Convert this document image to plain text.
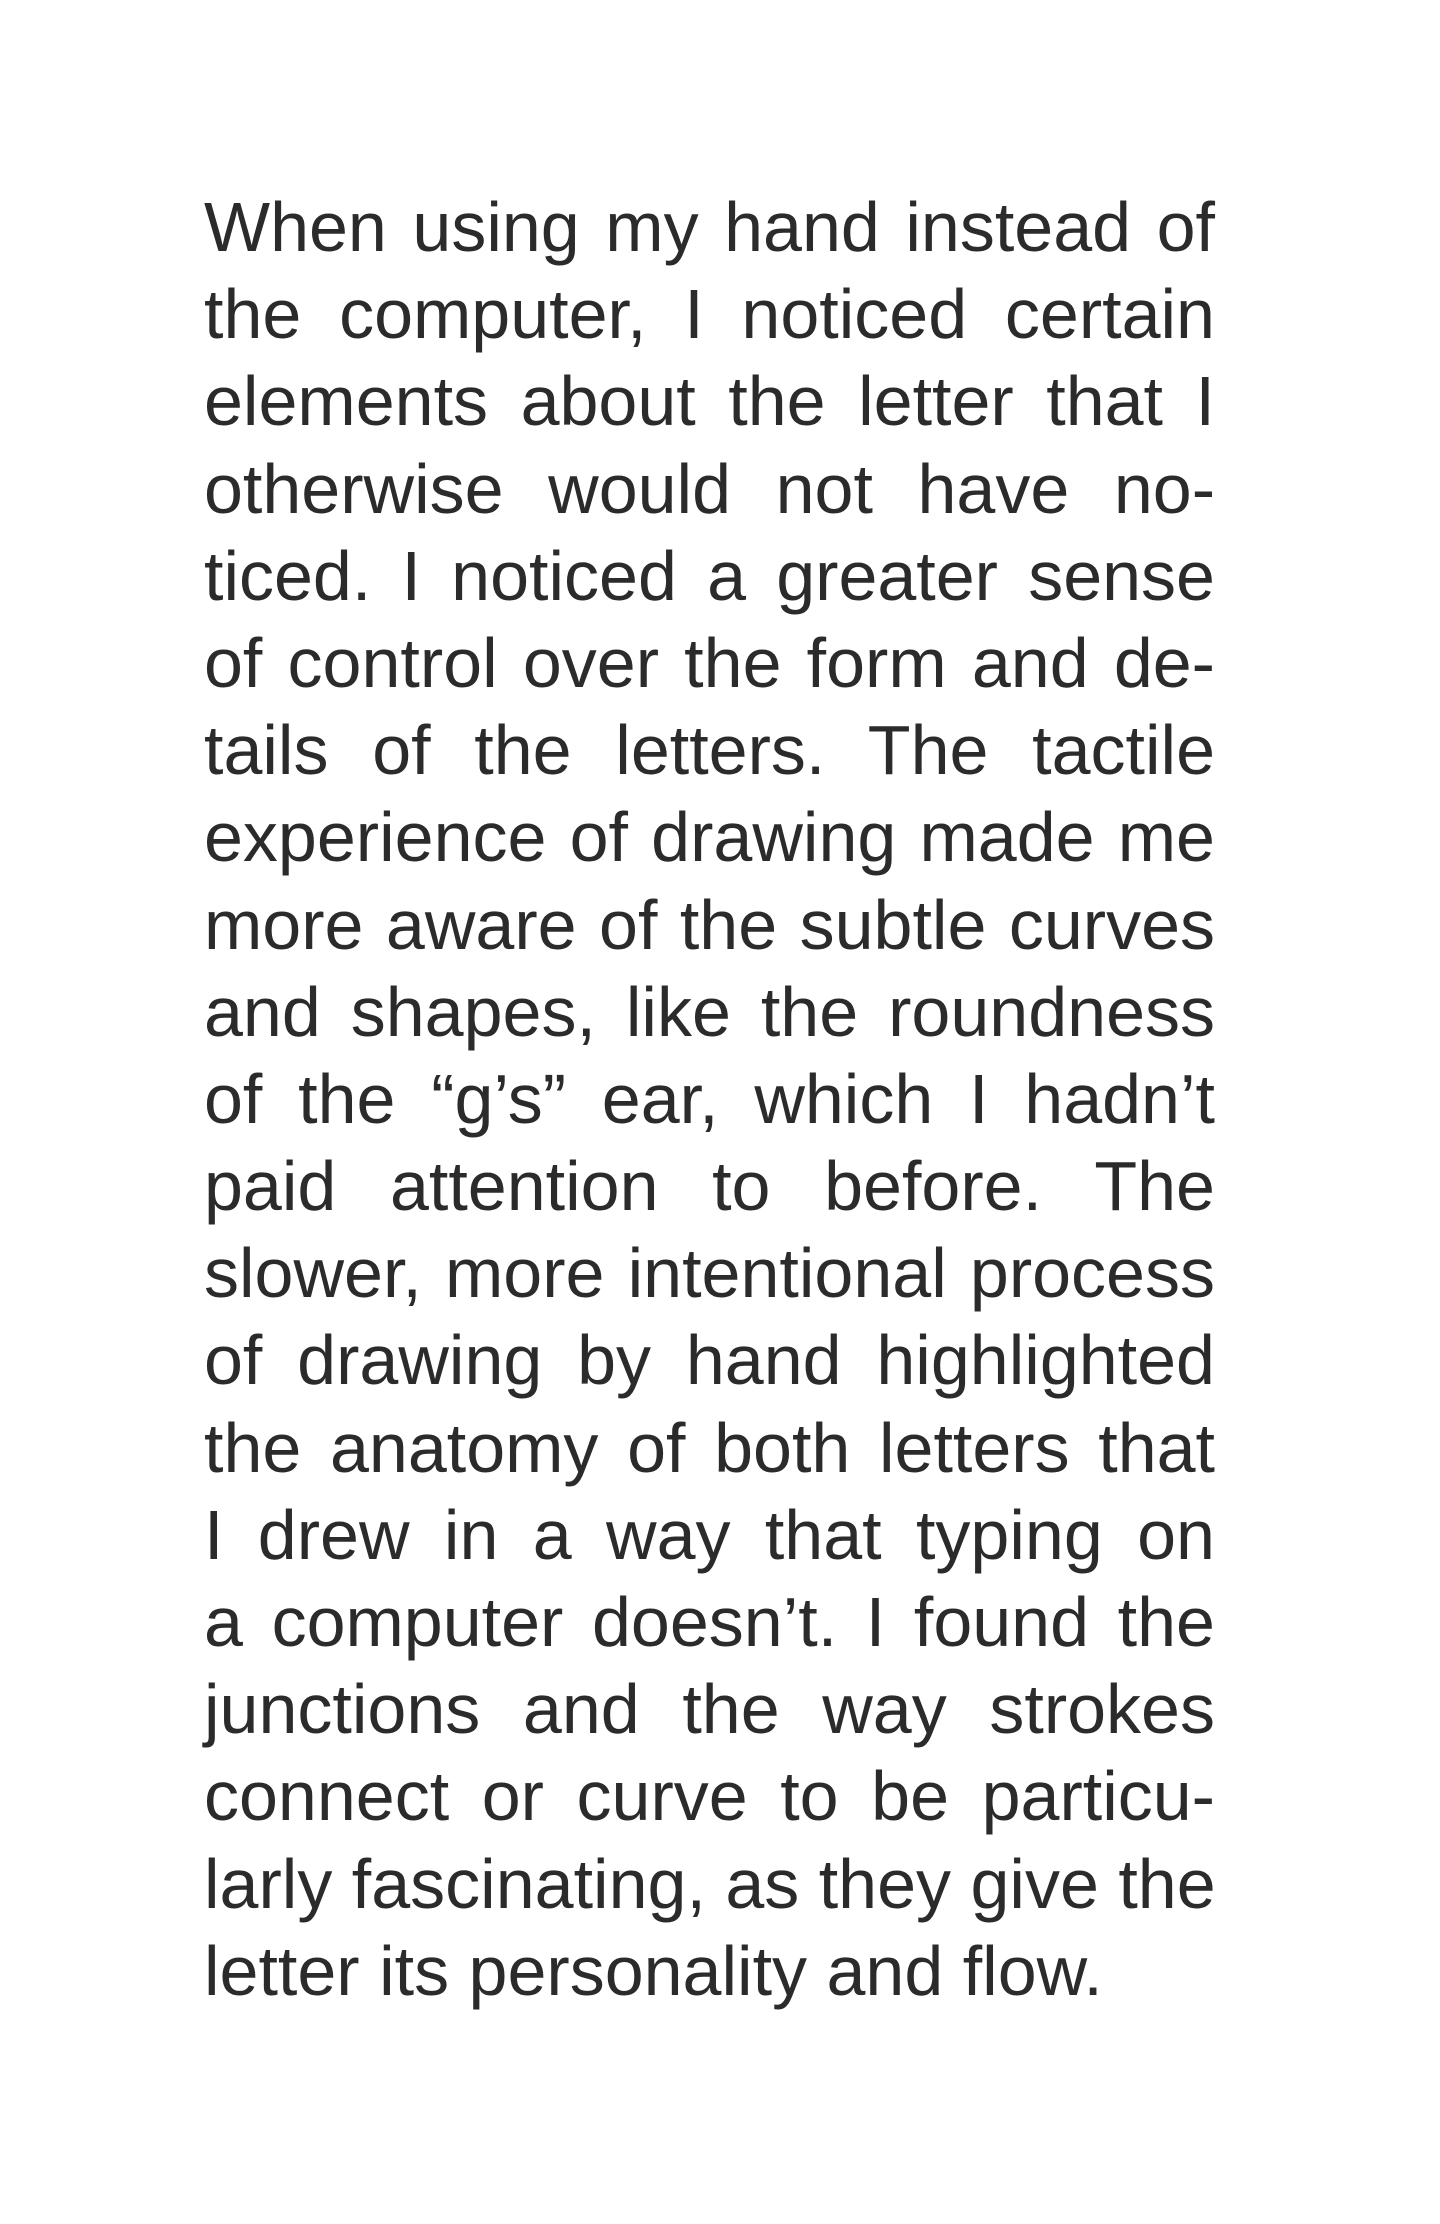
When using my hand instead of
the computer, I noticed certain
elements about the letter that I
otherwise would not have no-
ticed. I noticed a greater sense
of control over the form and de-
tails of the letters. The tactile
experience of drawing made me
more aware of the subtle curves
and shapes, like the roundness
of the “g’s” ear, which I hadn’t
paid attention to before. The
slower, more intentional process
of drawing by hand highlighted
the anatomy of both letters that
I drew in a way that typing on
a computer doesn’t. I found the
junctions and the way strokes
connect or curve to be particu-
larly fascinating, as they give the
letter its personality and flow.
